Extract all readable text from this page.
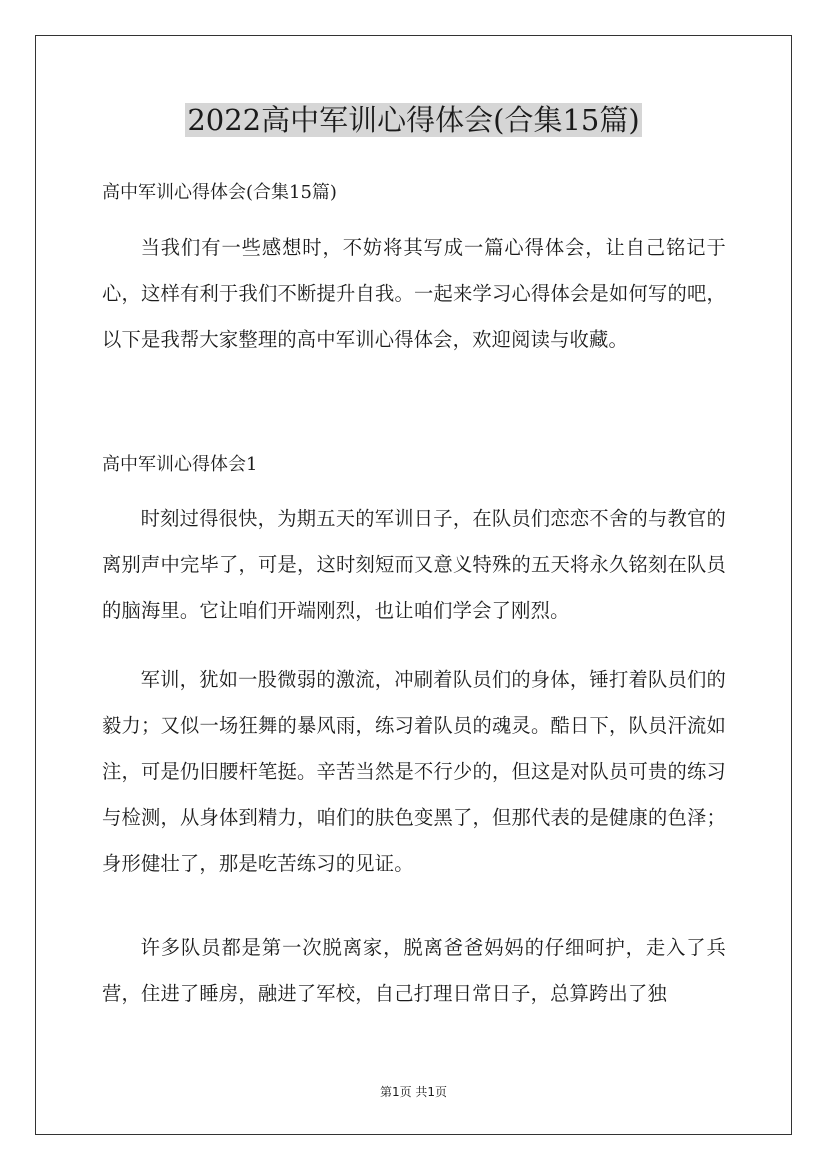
2022高中军训心得体会(合集15篇)

高中军训心得体会(合集15篇)

当我们有一些感想时，不妨将其写成一篇心得体会，让自己铭记于心，这样有利于我们不断提升自我。一起来学习心得体会是如何写的吧，以下是我帮大家整理的高中军训心得体会，欢迎阅读与收藏。

高中军训心得体会1

时刻过得很快，为期五天的军训日子，在队员们恋恋不舍的与教官的离别声中完毕了，可是，这时刻短而又意义特殊的五天将永久铭刻在队员的脑海里。它让咱们开端刚烈，也让咱们学会了刚烈。

军训，犹如一股微弱的激流，冲刷着队员们的身体，锤打着队员们的毅力；又似一场狂舞的暴风雨，练习着队员的魂灵。酷日下，队员汗流如注，可是仍旧腰杆笔挺。辛苦当然是不行少的，但这是对队员可贵的练习与检测，从身体到精力，咱们的肤色变黑了，但那代表的是健康的色泽；身形健壮了，那是吃苦练习的见证。

许多队员都是第一次脱离家，脱离爸爸妈妈的仔细呵护，走入了兵营，住进了睡房，融进了军校，自己打理日常日子，总算跨出了独

第1页 共1页
